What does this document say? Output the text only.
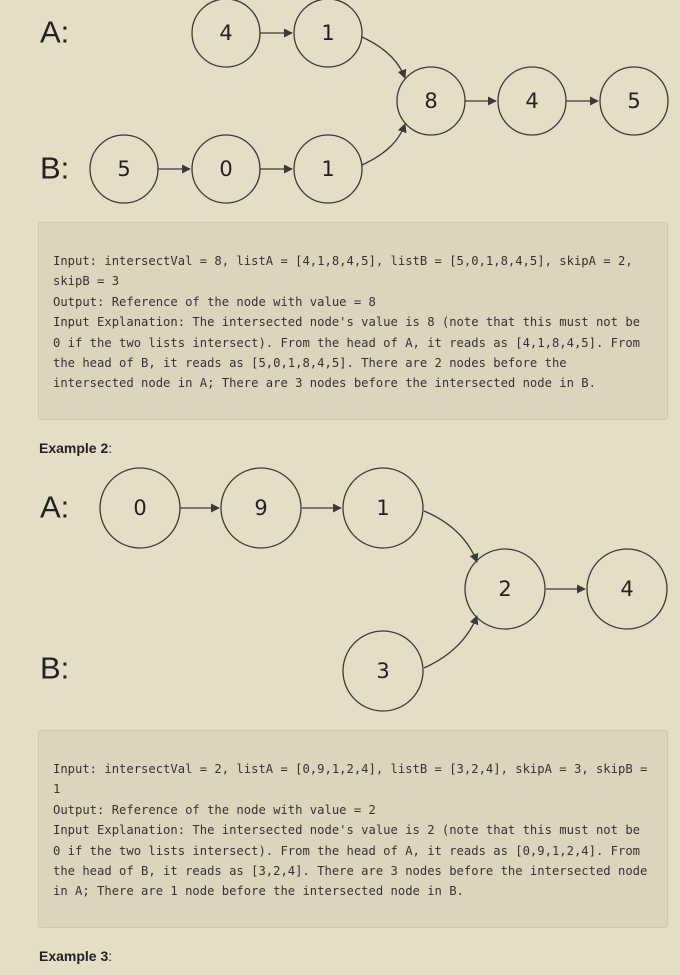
A:
B:
4	1
5	0	1
8	4	5
Input: intersectVal = 8, listA = [4,1,8,4,5], listB = [5,0,1,8,4,5], skipA = 2, skipB = 3
Output: Reference of the node with value = 8
Input Explanation: The intersected node's value is 8 (note that this must not be 0 if the two lists intersect). From the head of A, it reads as [4,1,8,4,5]. From the head of B, it reads as [5,0,1,8,4,5]. There are 2 nodes before the intersected node in A; There are 3 nodes before the intersected node in B.
Example 2:
A:
B:
0	9	1
3
2	4
Input: intersectVal = 2, listA = [0,9,1,2,4], listB = [3,2,4], skipA = 3, skipB = 1
Output: Reference of the node with value = 2
Input Explanation: The intersected node's value is 2 (note that this must not be 0 if the two lists intersect). From the head of A, it reads as [0,9,1,2,4]. From the head of B, it reads as [3,2,4]. There are 3 nodes before the intersected node in A; There are 1 node before the intersected node in B.
Example 3:
